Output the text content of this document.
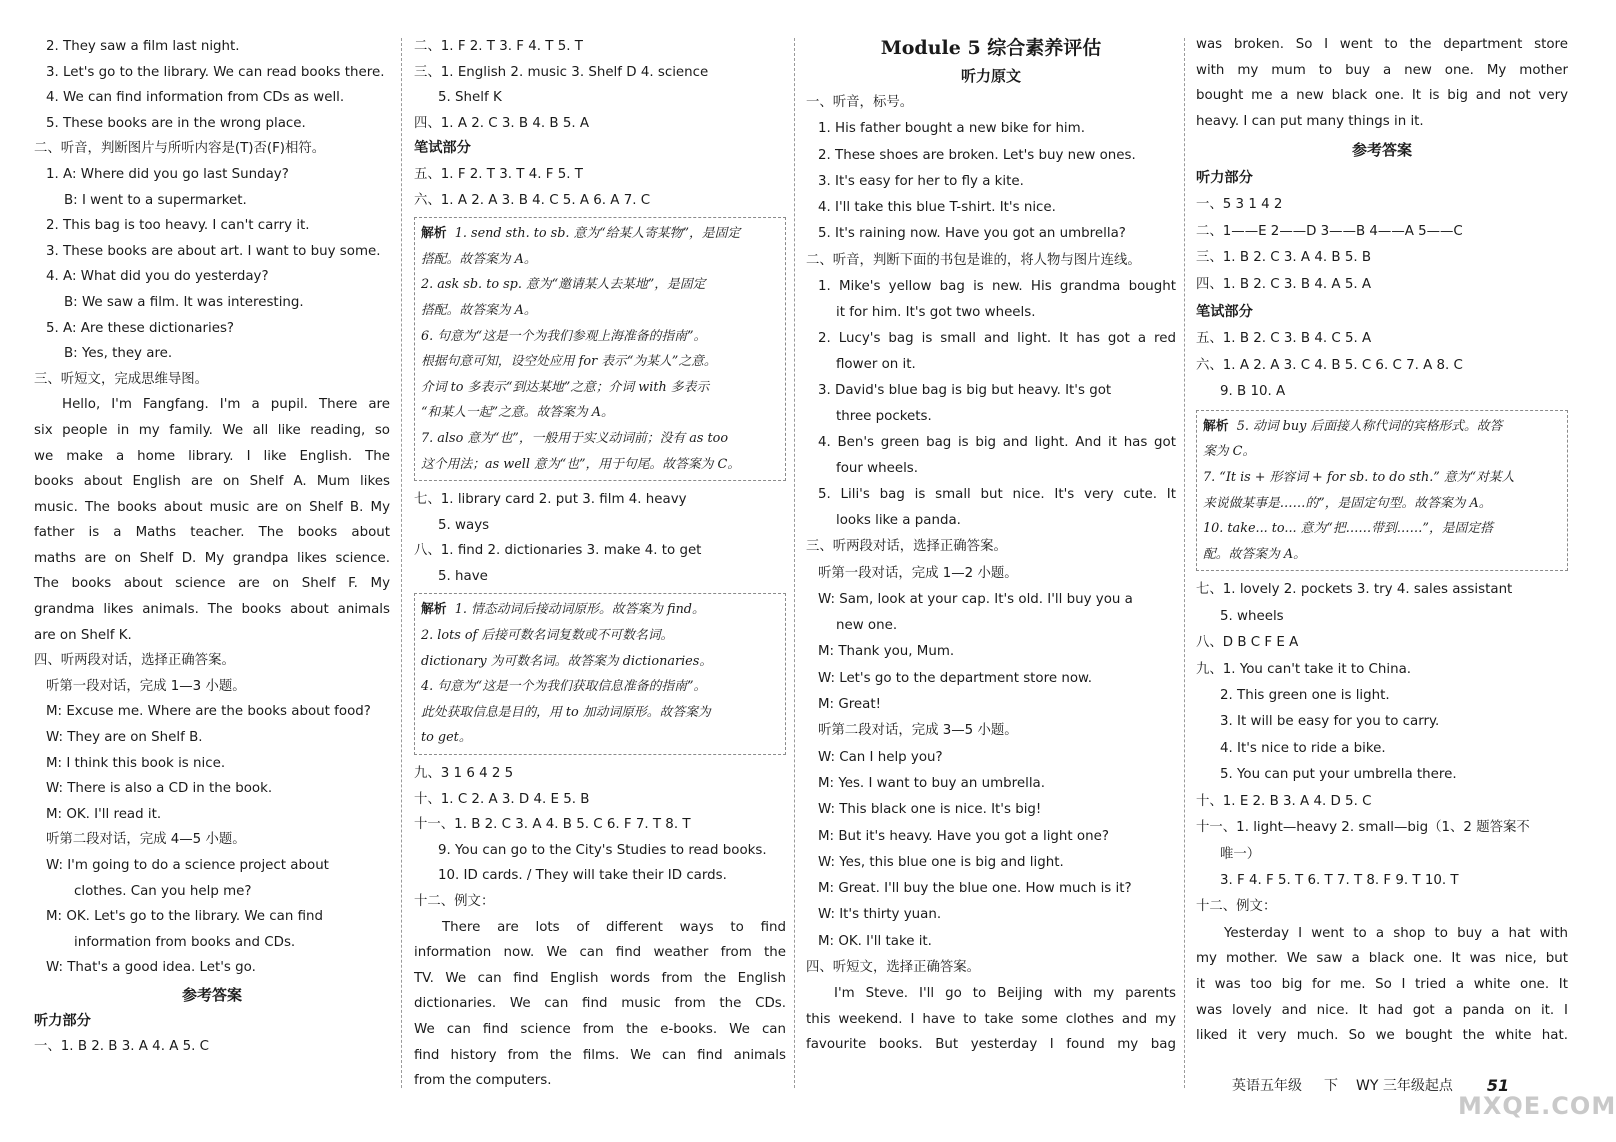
2. They saw a film last night.
3. Let's go to the library. We can read books there.
4. We can find information from CDs as well.
5. These books are in the wrong place.
二、听音，判断图片与所听内容是(T)否(F)相符。
1. A: Where did you go last Sunday?
B: I went to a supermarket.
2. This bag is too heavy. I can't carry it.
3. These books are about art. I want to buy some.
4. A: What did you do yesterday?
B: We saw a film. It was interesting.
5. A: Are these dictionaries?
B: Yes, they are.
三、听短文，完成思维导图。
Hello, I'm Fangfang. I'm a pupil. There are
six people in my family. We all like reading, so
we make a home library. I like English. The
books about English are on Shelf A. Mum likes
music. The books about music are on Shelf B. My
father is a Maths teacher. The books about
maths are on Shelf D. My grandpa likes science.
The books about science are on Shelf F. My
grandma likes animals. The books about animals
are on Shelf K.
四、听两段对话，选择正确答案。
听第一段对话，完成 1—3 小题。
M: Excuse me. Where are the books about food?
W: They are on Shelf B.
M: I think this book is nice.
W: There is also a CD in the book.
M: OK. I'll read it.
听第二段对话，完成 4—5 小题。
W: I'm going to do a science project about
clothes. Can you help me?
M: OK. Let's go to the library. We can find
information from books and CDs.
W: That's a good idea. Let's go.
参考答案
听力部分
一、1. B 2. B 3. A 4. A 5. C
二、1. F 2. T 3. F 4. T 5. T
三、1. English 2. music 3. Shelf D 4. science
5. Shelf K
四、1. A 2. C 3. B 4. B 5. A
笔试部分
五、1. F 2. T 3. T 4. F 5. T
六、1. A 2. A 3. B 4. C 5. A 6. A 7. C
解析 1. send sth. to sb. 意为“给某人寄某物”，是固定
搭配。故答案为 A。
2. ask sb. to sp. 意为“邀请某人去某地”，是固定
搭配。故答案为 A。
6. 句意为“这是一个为我们参观上海准备的指南”。
根据句意可知，设空处应用 for 表示“为某人”之意。
介词 to 多表示“到达某地”之意；介词 with 多表示
“和某人一起”之意。故答案为 A。
7. also 意为“也”，一般用于实义动词前；没有 as too
这个用法；as well 意为“也”，用于句尾。故答案为 C。
七、1. library card 2. put 3. film 4. heavy
5. ways
八、1. find 2. dictionaries 3. make 4. to get
5. have
解析 1. 情态动词后接动词原形。故答案为 find。
2. lots of 后接可数名词复数或不可数名词。
dictionary 为可数名词。故答案为 dictionaries。
4. 句意为“这是一个为我们获取信息准备的指南”。
此处获取信息是目的，用 to 加动词原形。故答案为
to get。
九、3 1 6 4 2 5
十、1. C 2. A 3. D 4. E 5. B
十一、1. B 2. C 3. A 4. B 5. C 6. F 7. T 8. T
9. You can go to the City's Studies to read books.
10. ID cards. / They will take their ID cards.
十二、例文：
There are lots of different ways to find
information now. We can find weather from the
TV. We can find English words from the English
dictionaries. We can find music from the CDs.
We can find science from the e-books. We can
find history from the films. We can find animals
from the computers.
Module 5 综合素养评估
听力原文
一、听音，标号。
1. His father bought a new bike for him.
2. These shoes are broken. Let's buy new ones.
3. It's easy for her to fly a kite.
4. I'll take this blue T-shirt. It's nice.
5. It's raining now. Have you got an umbrella?
二、听音，判断下面的书包是谁的，将人物与图片连线。
1. Mike's yellow bag is new. His grandma bought
it for him. It's got two wheels.
2. Lucy's bag is small and light. It has got a red
flower on it.
3. David's blue bag is big but heavy. It's got
three pockets.
4. Ben's green bag is big and light. And it has got
four wheels.
5. Lili's bag is small but nice. It's very cute. It
looks like a panda.
三、听两段对话，选择正确答案。
听第一段对话，完成 1—2 小题。
W: Sam, look at your cap. It's old. I'll buy you a
new one.
M: Thank you, Mum.
W: Let's go to the department store now.
M: Great!
听第二段对话，完成 3—5 小题。
W: Can I help you?
M: Yes. I want to buy an umbrella.
W: This black one is nice. It's big!
M: But it's heavy. Have you got a light one?
W: Yes, this blue one is big and light.
M: Great. I'll buy the blue one. How much is it?
W: It's thirty yuan.
M: OK. I'll take it.
四、听短文，选择正确答案。
I'm Steve. I'll go to Beijing with my parents
this weekend. I have to take some clothes and my
favourite books. But yesterday I found my bag
was broken. So I went to the department store
with my mum to buy a new one. My mother
bought me a new black one. It is big and not very
heavy. I can put many things in it.
参考答案
听力部分
一、5 3 1 4 2
二、1——E 2——D 3——B 4——A 5——C
三、1. B 2. C 3. A 4. B 5. B
四、1. B 2. C 3. B 4. A 5. A
笔试部分
五、1. B 2. C 3. B 4. C 5. A
六、1. A 2. A 3. C 4. B 5. C 6. C 7. A 8. C
9. B 10. A
解析 5. 动词 buy 后面接人称代词的宾格形式。故答
案为 C。
7. “It is + 形容词 + for sb. to do sth.” 意为“对某人
来说做某事是……的”，是固定句型。故答案为 A。
10. take... to... 意为“把……带到……”，是固定搭
配。故答案为 A。
七、1. lovely 2. pockets 3. try 4. sales assistant
5. wheels
八、D B C F E A
九、1. You can't take it to China.
2. This green one is light.
3. It will be easy for you to carry.
4. It's nice to ride a bike.
5. You can put your umbrella there.
十、1. E 2. B 3. A 4. D 5. C
十一、1. light—heavy 2. small—big（1、2 题答案不
唯一）
3. F 4. F 5. T 6. T 7. T 8. F 9. T 10. T
十二、例文：
Yesterday I went to a shop to buy a hat with
my mother. We saw a black one. It was nice, but
it was too big for me. So I tried a white one. It
was lovely and nice. It had got a panda on it. I
liked it very much. So we bought the white hat.
英语五年级 下 WY 三年级起点 51
MXQE.COM
